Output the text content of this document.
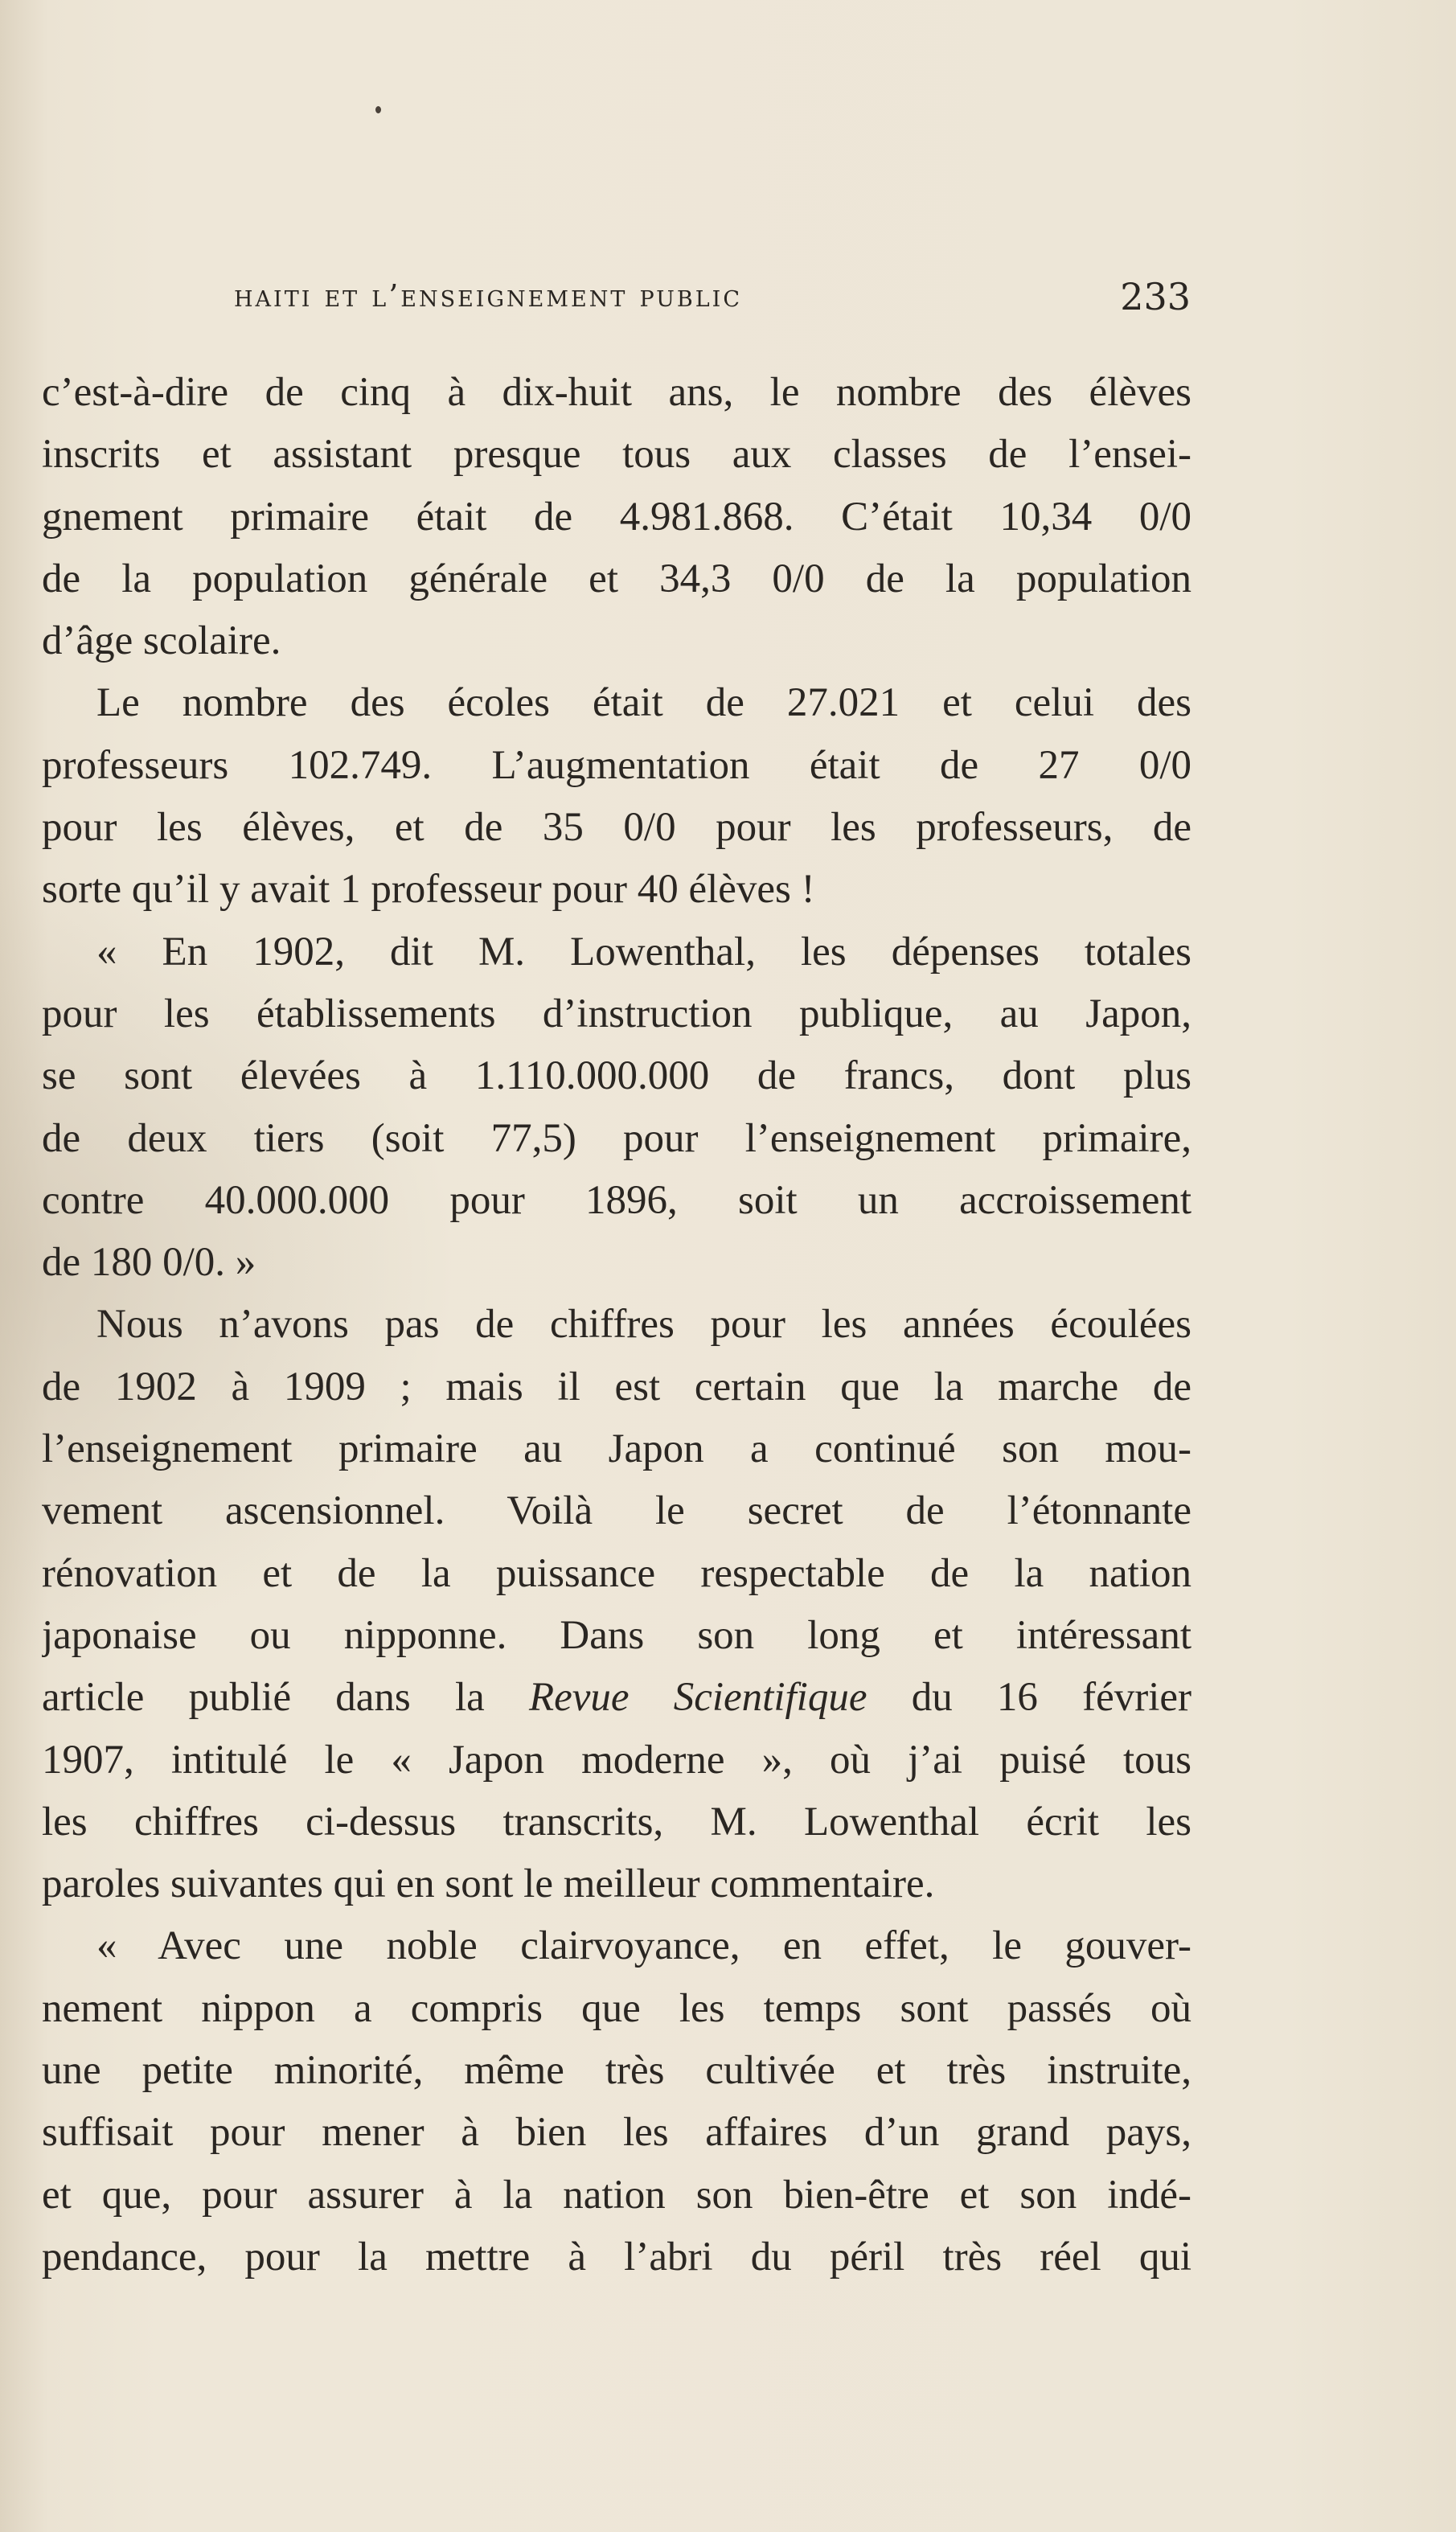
haiti et l’enseignement public	233
c’est-à-dire de cinq à dix-huit ans, le nombre des élèves
inscrits et assistant presque tous aux classes de l’ensei-
gnement primaire était de 4.981.868. C’était 10,34 0/0
de la population générale et 34,3 0/0 de la population
d’âge scolaire.
Le nombre des écoles était de 27.021 et celui des
professeurs 102.749. L’augmentation était de 27 0/0
pour les élèves, et de 35 0/0 pour les professeurs, de
sorte qu’il y avait 1 professeur pour 40 élèves !
« En 1902, dit M. Lowenthal, les dépenses totales
pour les établissements d’instruction publique, au Japon,
se sont élevées à 1.110.000.000 de francs, dont plus
de deux tiers (soit 77,5) pour l’enseignement primaire,
contre 40.000.000 pour 1896, soit un accroissement
de 180 0/0. »
Nous n’avons pas de chiffres pour les années écoulées
de 1902 à 1909 ; mais il est certain que la marche de
l’enseignement primaire au Japon a continué son mou-
vement ascensionnel. Voilà le secret de l’étonnante
rénovation et de la puissance respectable de la nation
japonaise ou nipponne. Dans son long et intéressant
article publié dans la Revue Scientifique du 16 février
1907, intitulé le « Japon moderne », où j’ai puisé tous
les chiffres ci-dessus transcrits, M. Lowenthal écrit les
paroles suivantes qui en sont le meilleur commentaire.
« Avec une noble clairvoyance, en effet, le gouver-
nement nippon a compris que les temps sont passés où
une petite minorité, même très cultivée et très instruite,
suffisait pour mener à bien les affaires d’un grand pays,
et que, pour assurer à la nation son bien-être et son indé-
pendance, pour la mettre à l’abri du péril très réel qui
